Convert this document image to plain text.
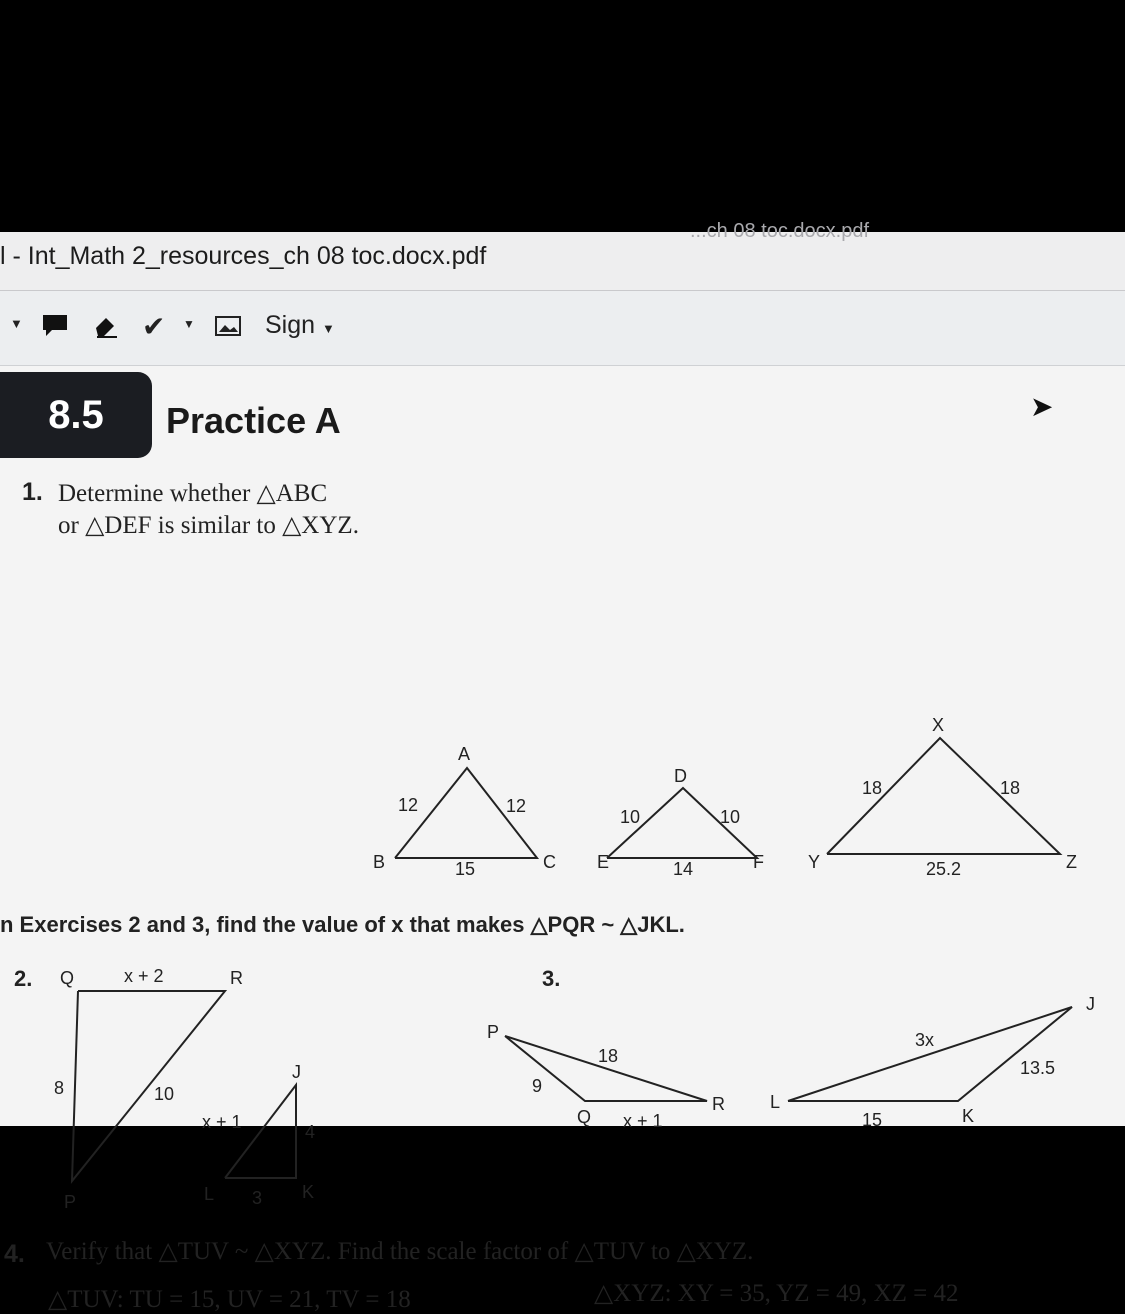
...ch 08 toc.docx.pdf
l - Int_Math 2_resources_ch 08 toc.docx.pdf
▼	✔ ▼	Sign ▼
8.5	Practice A	➤
1. Determine whether △ABC
or △DEF is similar to △XYZ.
A
B	C
12	12
15
D
E	F
10	10
14
X
Y	Z
18	18
25.2
n Exercises 2 and 3, find the value of x that makes △PQR ~ △JKL.
2. Q	x + 2	R
8	10
P
J
x + 1	4
L 3 K
3.
P
18
9
Q x + 1
R	L
3x
J
13.5
15	K
4. Verify that △TUV ~ △XYZ. Find the scale factor of △TUV to △XYZ.
△TUV: TU = 15, UV = 21, TV = 18	△XYZ: XY = 35, YZ = 49, XZ = 42
